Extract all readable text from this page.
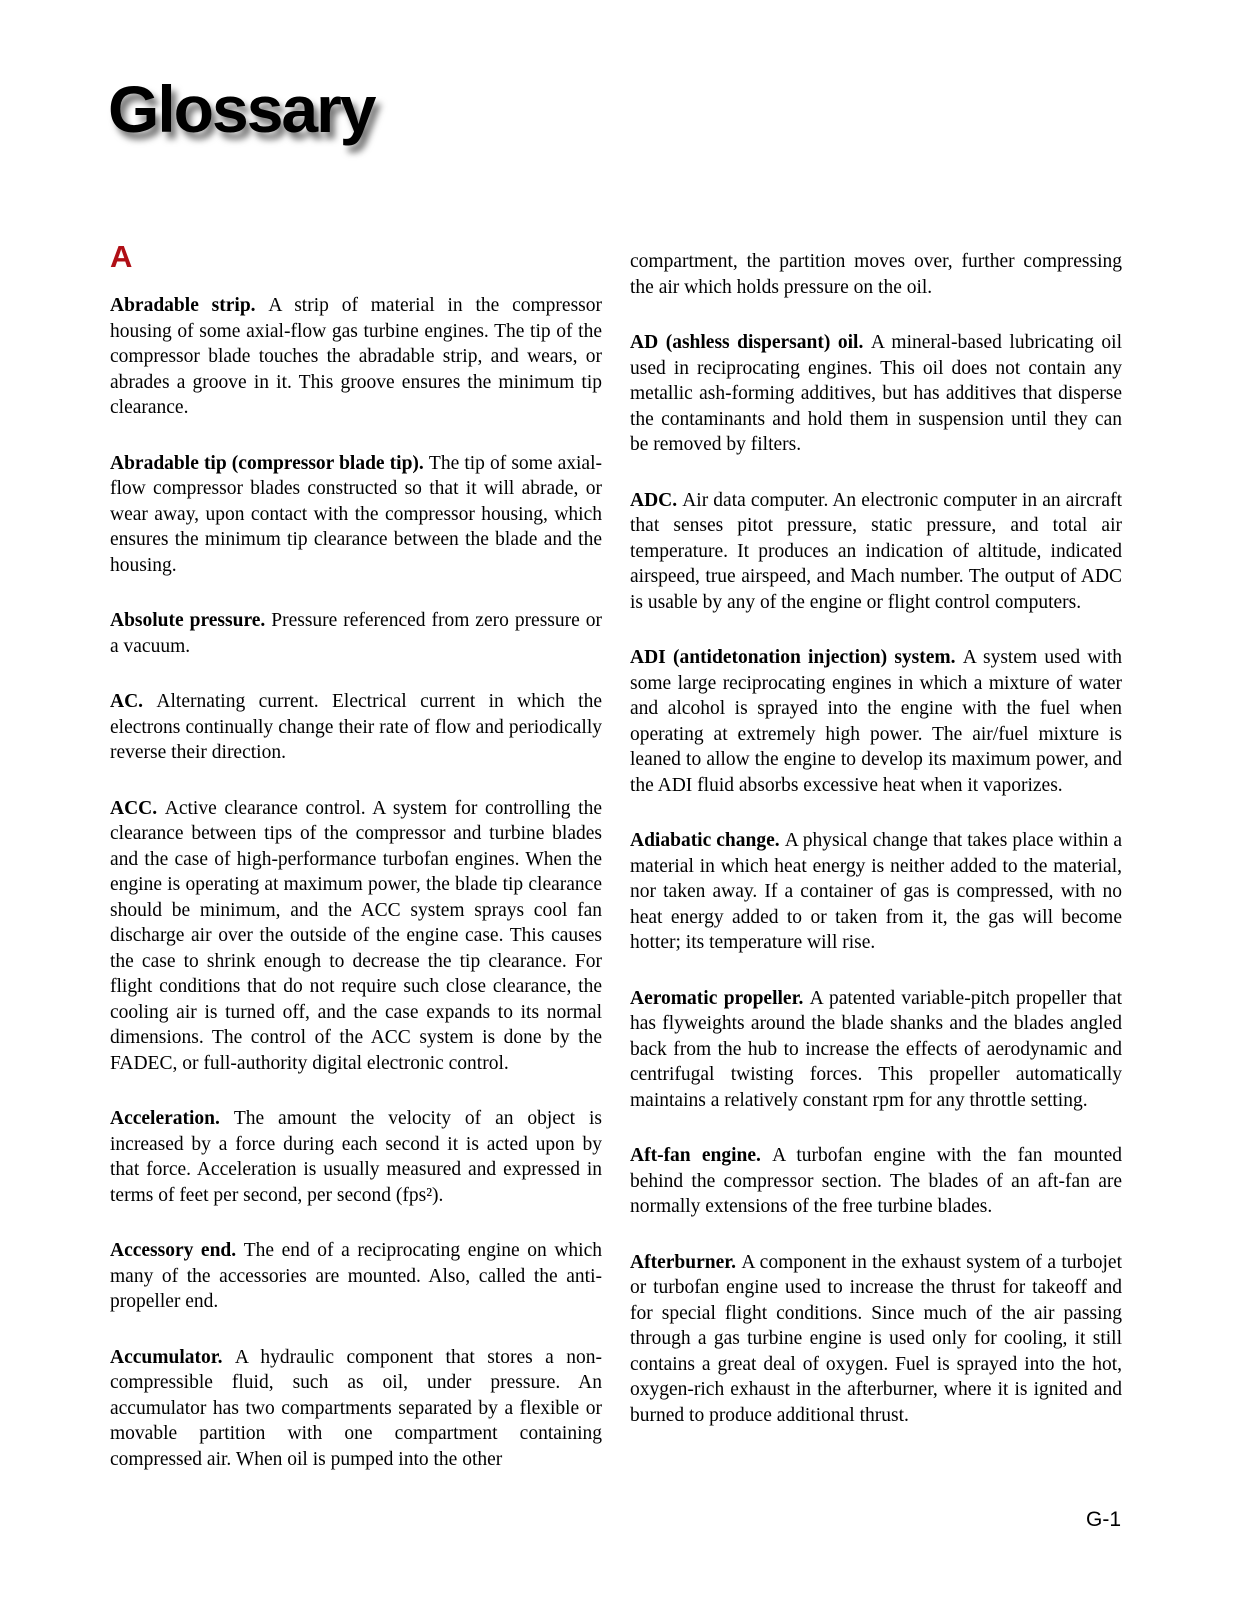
Glossary
A

Abradable strip. A strip of material in the compressor housing of some axial-flow gas turbine engines. The tip of the compressor blade touches the abradable strip, and wears, or abrades a groove in it. This groove ensures the minimum tip clearance.

Abradable tip (compressor blade tip). The tip of some axial-flow compressor blades constructed so that it will abrade, or wear away, upon contact with the compressor housing, which ensures the minimum tip clearance between the blade and the housing.

Absolute pressure. Pressure referenced from zero pressure or a vacuum.

AC. Alternating current. Electrical current in which the electrons continually change their rate of flow and periodically reverse their direction.

ACC. Active clearance control. A system for controlling the clearance between tips of the compressor and turbine blades and the case of high-performance turbofan engines. When the engine is operating at maximum power, the blade tip clearance should be minimum, and the ACC system sprays cool fan discharge air over the outside of the engine case. This causes the case to shrink enough to decrease the tip clearance. For flight conditions that do not require such close clearance, the cooling air is turned off, and the case expands to its normal dimensions. The control of the ACC system is done by the FADEC, or full-authority digital electronic control.

Acceleration. The amount the velocity of an object is increased by a force during each second it is acted upon by that force. Acceleration is usually measured and expressed in terms of feet per second, per second (fps²).

Accessory end. The end of a reciprocating engine on which many of the accessories are mounted. Also, called the anti-propeller end.

Accumulator. A hydraulic component that stores a non-compressible fluid, such as oil, under pressure. An accumulator has two compartments separated by a flexible or movable partition with one compartment containing compressed air. When oil is pumped into the other

compartment, the partition moves over, further compressing the air which holds pressure on the oil.

AD (ashless dispersant) oil. A mineral-based lubricating oil used in reciprocating engines. This oil does not contain any metallic ash-forming additives, but has additives that disperse the contaminants and hold them in suspension until they can be removed by filters.

ADC. Air data computer. An electronic computer in an aircraft that senses pitot pressure, static pressure, and total air temperature. It produces an indication of altitude, indicated airspeed, true airspeed, and Mach number. The output of ADC is usable by any of the engine or flight control computers.

ADI (antidetonation injection) system. A system used with some large reciprocating engines in which a mixture of water and alcohol is sprayed into the engine with the fuel when operating at extremely high power. The air/fuel mixture is leaned to allow the engine to develop its maximum power, and the ADI fluid absorbs excessive heat when it vaporizes.

Adiabatic change. A physical change that takes place within a material in which heat energy is neither added to the material, nor taken away. If a container of gas is compressed, with no heat energy added to or taken from it, the gas will become hotter; its temperature will rise.

Aeromatic propeller. A patented variable-pitch propeller that has flyweights around the blade shanks and the blades angled back from the hub to increase the effects of aerodynamic and centrifugal twisting forces. This propeller automatically maintains a relatively constant rpm for any throttle setting.

Aft-fan engine. A turbofan engine with the fan mounted behind the compressor section. The blades of an aft-fan are normally extensions of the free turbine blades.

Afterburner. A component in the exhaust system of a turbojet or turbofan engine used to increase the thrust for takeoff and for special flight conditions. Since much of the air passing through a gas turbine engine is used only for cooling, it still contains a great deal of oxygen. Fuel is sprayed into the hot, oxygen-rich exhaust in the afterburner, where it is ignited and burned to produce additional thrust.

G-1
